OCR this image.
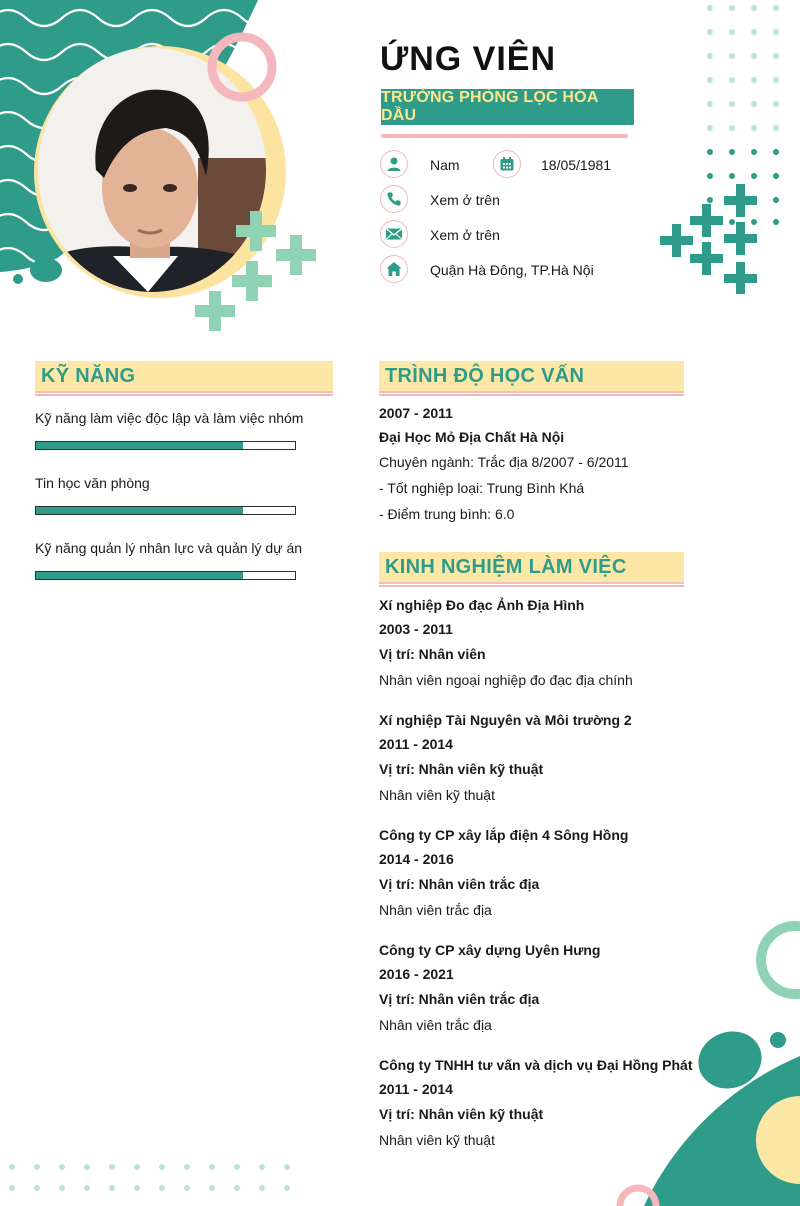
ỨNG VIÊN
TRƯỞNG PHÒNG LỌC HÓA DẦU
Nam	18/05/1981
Xem ở trên
Xem ở trên
Quận Hà Đông, TP.Hà Nội
KỸ NĂNG
Kỹ năng làm việc độc lập và làm việc nhóm
Tin học văn phòng
Kỹ năng quản lý nhân lực và quản lý dự án
TRÌNH ĐỘ HỌC VẤN
2007 - 2011
Đại Học Mỏ Địa Chất Hà Nội
Chuyên ngành: Trắc địa 8/2007 - 6/2011
- Tốt nghiệp loại: Trung Bình Khá
- Điểm trung bình: 6.0
KINH NGHIỆM LÀM VIỆC
Xí nghiệp Đo đạc Ảnh Địa Hình
2003 - 2011
Vị trí: Nhân viên
Nhân viên ngoại nghiệp đo đạc địa chính
Xí nghiệp Tài Nguyên và Môi trường 2
2011 - 2014
Vị trí: Nhân viên kỹ thuật
Nhân viên kỹ thuật
Công ty CP xây lắp điện 4 Sông Hồng
2014 - 2016
Vị trí: Nhân viên trắc địa
Nhân viên trắc địa
Công ty CP xây dựng Uyên Hưng
2016 - 2021
Vị trí: Nhân viên trắc địa
Nhân viên trắc địa
Công ty TNHH tư vấn và dịch vụ Đại Hồng Phát
2011 - 2014
Vị trí: Nhân viên kỹ thuật
Nhân viên kỹ thuật
